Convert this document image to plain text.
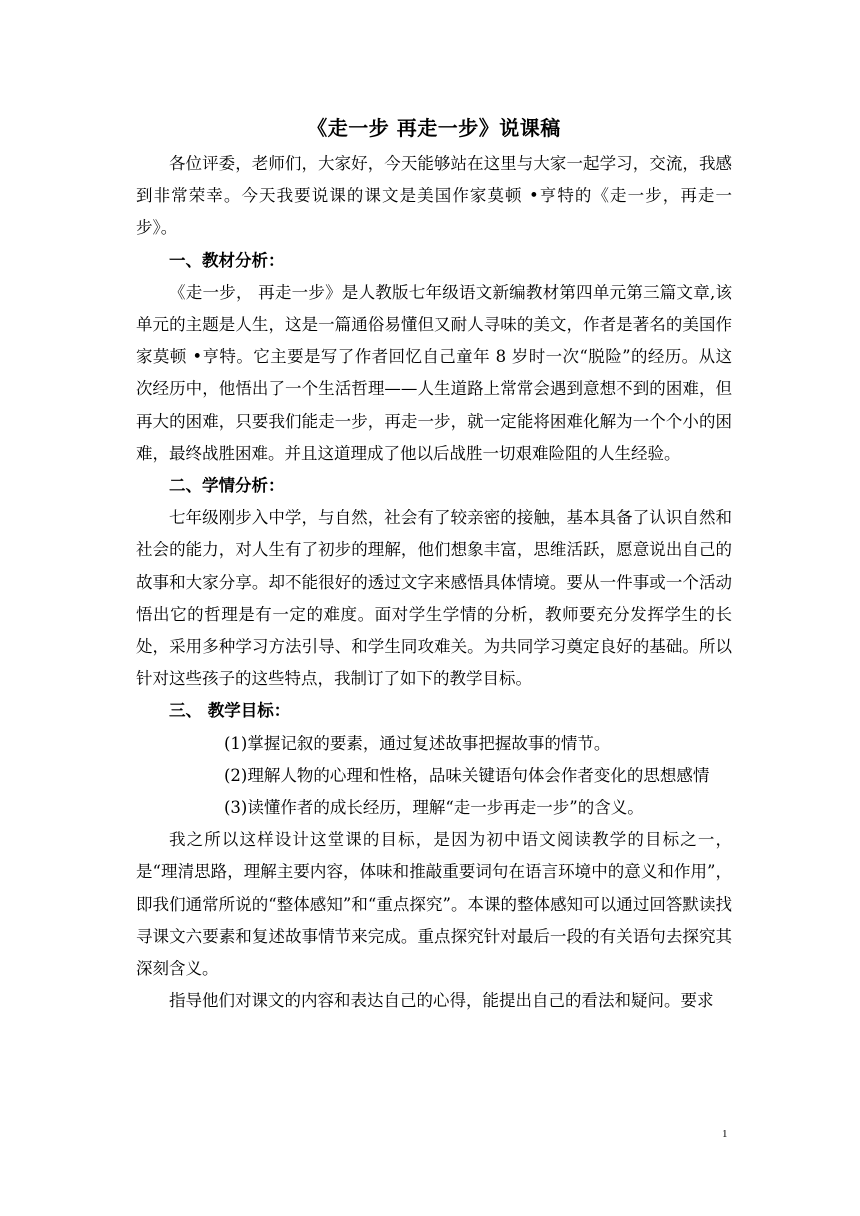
《走一步 再走一步》说课稿

各位评委，老师们，大家好，今天能够站在这里与大家一起学习，交流，我感到非常荣幸。今天我要说课的课文是美国作家莫顿 •亨特的《走一步，再走一步》。

一、教材分析：

《走一步， 再走一步》是人教版七年级语文新编教材第四单元第三篇文章,该单元的主题是人生，这是一篇通俗易懂但又耐人寻味的美文，作者是著名的美国作家莫顿 •亨特。它主要是写了作者回忆自己童年 8 岁时一次“脱险”的经历。从这次经历中，他悟出了一个生活哲理——人生道路上常常会遇到意想不到的困难，但再大的困难，只要我们能走一步，再走一步，就一定能将困难化解为一个个小的困难，最终战胜困难。并且这道理成了他以后战胜一切艰难险阻的人生经验。

二、学情分析：

七年级刚步入中学，与自然，社会有了较亲密的接触，基本具备了认识自然和社会的能力，对人生有了初步的理解，他们想象丰富，思维活跃，愿意说出自己的故事和大家分享。却不能很好的透过文字来感悟具体情境。要从一件事或一个活动悟出它的哲理是有一定的难度。面对学生学情的分析，教师要充分发挥学生的长处，采用多种学习方法引导、和学生同攻难关。为共同学习奠定良好的基础。所以针对这些孩子的这些特点，我制订了如下的教学目标。

三、 教学目标：

(1)掌握记叙的要素，通过复述故事把握故事的情节。

(2)理解人物的心理和性格，品味关键语句体会作者变化的思想感情

(3)读懂作者的成长经历，理解“走一步再走一步”的含义。

我之所以这样设计这堂课的目标，是因为初中语文阅读教学的目标之一，是“理清思路，理解主要内容，体味和推敲重要词句在语言环境中的意义和作用”，即我们通常所说的“整体感知”和“重点探究”。本课的整体感知可以通过回答默读找寻课文六要素和复述故事情节来完成。重点探究针对最后一段的有关语句去探究其深刻含义。

指导他们对课文的内容和表达自己的心得，能提出自己的看法和疑问。要求

1
